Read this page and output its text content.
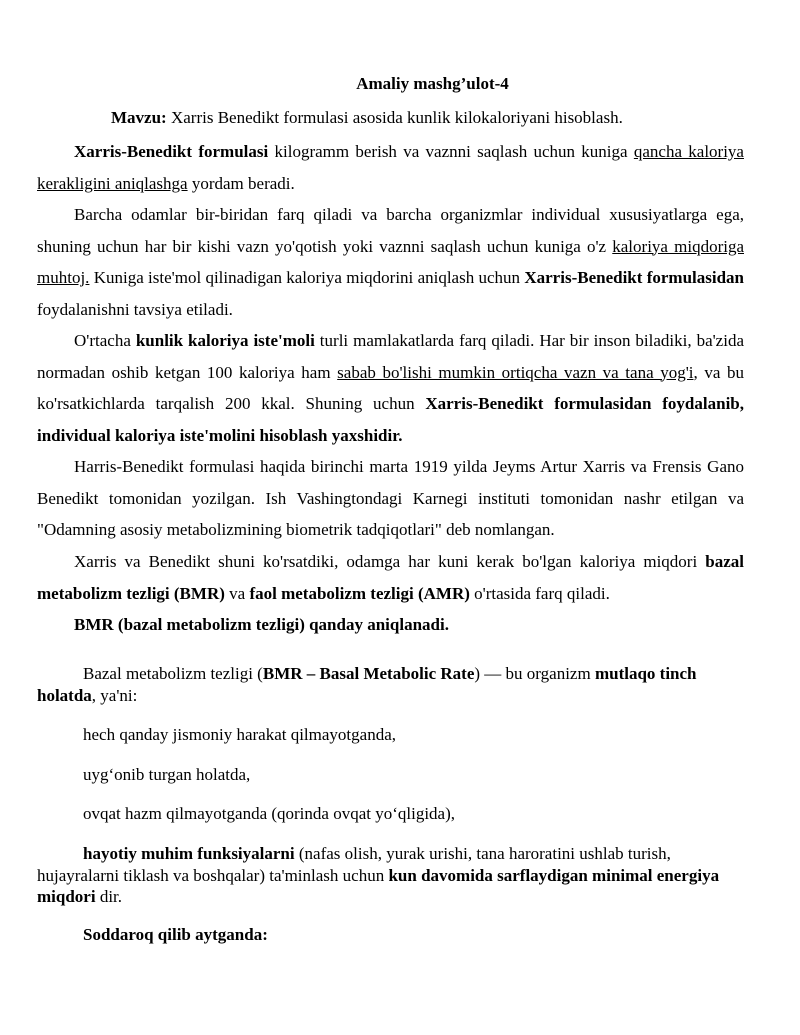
Amaliy mashg’ulot-4

Mavzu: Xarris Benedikt formulasi asosida kunlik kilokaloriyani hisoblash.

Xarris-Benedikt formulasi kilogramm berish va vaznni saqlash uchun kuniga qancha kaloriya kerakligini aniqlashga yordam beradi.

Barcha odamlar bir-biridan farq qiladi va barcha organizmlar individual xususiyatlarga ega, shuning uchun har bir kishi vazn yo'qotish yoki vaznni saqlash uchun kuniga o'z kaloriya miqdoriga muhtoj. Kuniga iste'mol qilinadigan kaloriya miqdorini aniqlash uchun Xarris-Benedikt formulasidan foydalanishni tavsiya etiladi.

O'rtacha kunlik kaloriya iste'moli turli mamlakatlarda farq qiladi. Har bir inson biladiki, ba'zida normadan oshib ketgan 100 kaloriya ham sabab bo'lishi mumkin ortiqcha vazn va tana yog'i, va bu ko'rsatkichlarda tarqalish 200 kkal. Shuning uchun Xarris-Benedikt formulasidan foydalanib, individual kaloriya iste'molini hisoblash yaxshidir.

Harris-Benedikt formulasi haqida birinchi marta 1919 yilda Jeyms Artur Xarris va Frensis Gano Benedikt tomonidan yozilgan. Ish Vashingtondagi Karnegi instituti tomonidan nashr etilgan va "Odamning asosiy metabolizmining biometrik tadqiqotlari" deb nomlangan.

Xarris va Benedikt shuni ko'rsatdiki, odamga har kuni kerak bo'lgan kaloriya miqdori bazal metabolizm tezligi (BMR) va faol metabolizm tezligi (AMR) o'rtasida farq qiladi.

BMR (bazal metabolizm tezligi) qanday aniqlanadi.

Bazal metabolizm tezligi (BMR – Basal Metabolic Rate) — bu organizm mutlaqo tinch holatda, ya'ni:

hech qanday jismoniy harakat qilmayotganda,

uyg‘onib turgan holatda,

ovqat hazm qilmayotganda (qorinda ovqat yo‘qligida),

hayotiy muhim funksiyalarni (nafas olish, yurak urishi, tana haroratini ushlab turish, hujayralarni tiklash va boshqalar) ta'minlash uchun kun davomida sarflaydigan minimal energiya miqdori dir.

Soddaroq qilib aytganda:
